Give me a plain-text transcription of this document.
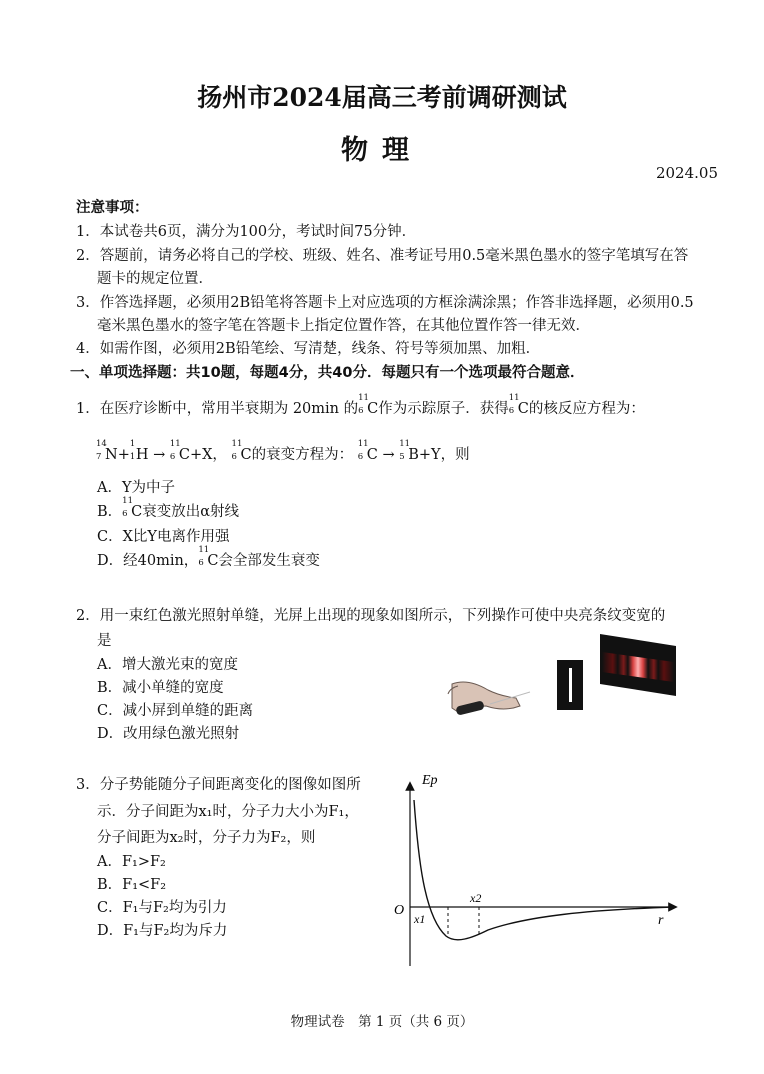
扬州市2024届高三考前调研测试
物理
2024.05
注意事项：
1．本试卷共6页，满分为100分，考试时间75分钟．
2．答题前，请务必将自己的学校、班级、姓名、准考证号用0.5毫米黑色墨水的签字笔填写在答
题卡的规定位置．
3．作答选择题，必须用2B铅笔将答题卡上对应选项的方框涂满涂黑；作答非选择题，必须用0.5
毫米黑色墨水的签字笔在答题卡上指定位置作答，在其他位置作答一律无效．
4．如需作图，必须用2B铅笔绘、写清楚，线条、符号等须加黑、加粗．
一、单项选择题：共10题，每题4分，共40分．每题只有一个选项最符合题意．
1．在医疗诊断中，常用半衰期为 20min 的
11
6 C作为示踪原子．获得
11
6 C的核反应方程为：
14
7 N+
1
1 H →
11
6 C+X，
11
6 C的衰变方程为：
11
6 C →
11
5 B+Y，则
A．Y为中子
B．
11
6 C衰变放出α射线
C．X比Y电离作用强
D．经40min，
11
6 C会全部发生衰变
2．用一束红色激光照射单缝，光屏上出现的现象如图所示，下列操作可使中央亮条纹变宽的
是
A．增大激光束的宽度
B．减小单缝的宽度
C．减小屏到单缝的距离
D．改用绿色激光照射
3．分子势能随分子间距离变化的图像如图所
示．分子间距为x₁时，分子力大小为F₁，
分子间距为x₂时，分子力为F₂，则
A．F₁>F₂
B．F₁<F₂
C．F₁与F₂均为引力
D．F₁与F₂均为斥力
Ep
O
r
x1
x2
物理试卷　第 1 页（共 6 页）
